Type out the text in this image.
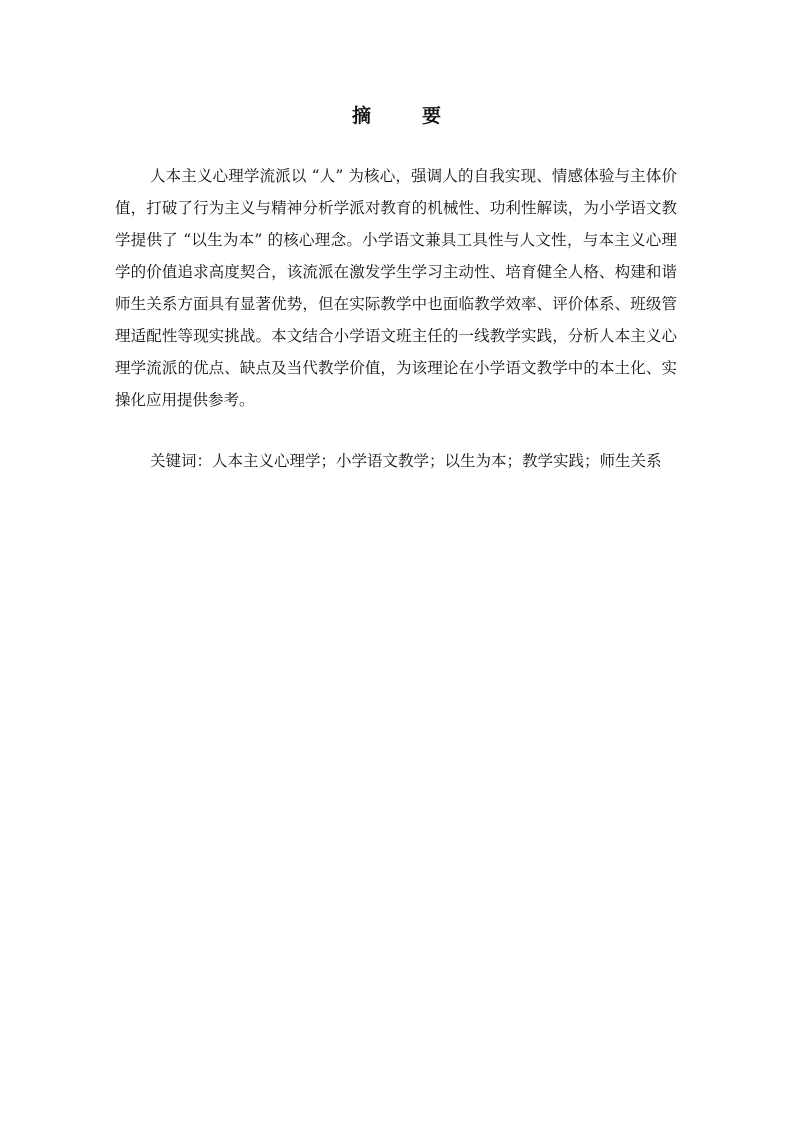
摘　要

人本主义心理学流派以 “人” 为核心，强调人的自我实现、情感体验与主体价值，打破了行为主义与精神分析学派对教育的机械性、功利性解读，为小学语文教学提供了 “以生为本” 的核心理念。小学语文兼具工具性与人文性，与本主义心理学的价值追求高度契合，该流派在激发学生学习主动性、培育健全人格、构建和谐师生关系方面具有显著优势，但在实际教学中也面临教学效率、评价体系、班级管理适配性等现实挑战。本文结合小学语文班主任的一线教学实践，分析人本主义心理学流派的优点、缺点及当代教学价值，为该理论在小学语文教学中的本土化、实操化应用提供参考。

关键词：人本主义心理学；小学语文教学；以生为本；教学实践；师生关系
